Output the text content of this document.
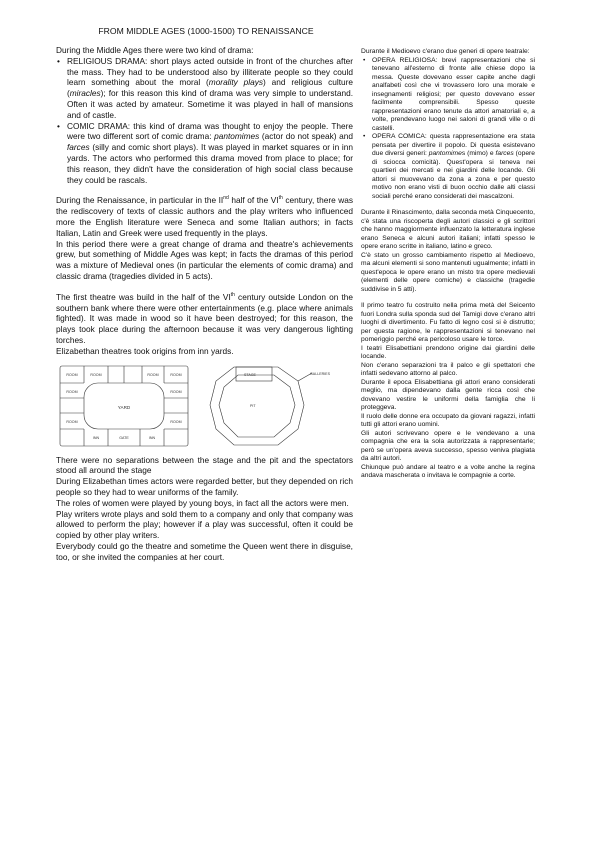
FROM MIDDLE AGES (1000-1500) TO RENAISSANCE

During the Middle Ages there were two kind of drama:

• RELIGIOUS DRAMA: short plays acted outside in front of the churches after the mass. They had to be understood also by illiterate people so they could learn something about the moral (morality plays) and religious culture (miracles); for this reason this kind of drama was very simple to understand. Often it was acted by amateur. Sometime it was played in hall of mansions and of castle.
• COMIC DRAMA: this kind of drama was thought to enjoy the people. There were two different sort of comic drama: pantomimes (actor do not speak) and farces (silly and comic short plays). It was played in market squares or in inn yards. The actors who performed this drama moved from place to place; for this reason, they didn't have the consideration of high social class because they could be rascals.

During the Renaissance, in particular in the IInd half of the VIth century, there was the rediscovery of texts of classic authors and the play writers who influenced more the English literature were Seneca and some Italian authors; in facts Italian, Latin and Greek were used frequently in the plays.

In this period there were a great change of drama and theatre's achievements grew, but something of Middle Ages was kept; in facts the dramas of this period was a mixture of Medieval ones (in particular the elements of comic drama) and classic drama (tragedies divided in 5 acts).

The first theatre was build in the half of the VIth century outside London on the southern bank where there were other entertainments (e.g. place where animals fighted). It was made in wood so it have been destroyed; for this reason, the plays took place during the afternoon because it was very dangerous lighting torches.

Elizabethan theatres took origins from inn yards.

ROOM	ROOM	ROOM	ROOM
ROOM	ROOM
ROOM	ROOM
INN	GATE	INN
YARD
STAGE
PIT
GALLERIES

There were no separations between the stage and the pit and the spectators stood all around the stage

During Elizabethan times actors were regarded better, but they depended on rich people so they had to wear uniforms of the family.

The roles of women were played by young boys, in fact all the actors were men.

Play writers wrote plays and sold them to a company and only that company was allowed to perform the play; however if a play was successful, often it could be copied by other play writers.

Everybody could go the theatre and sometime the Queen went there in disguise, too, or she invited the companies at her court.

Durante il Medioevo c'erano due generi di opere teatrale:

• OPERA RELIGIOSA: brevi rappresentazioni che si tenevano all'esterno di fronte alle chiese dopo la messa. Queste dovevano esser capite anche dagli analfabeti così che vi trovassero loro una morale e insegnamenti religiosi; per questo dovevano esser facilmente comprensibili. Spesso queste rappresentazioni erano tenute da attori amatoriali e, a volte, prendevano luogo nei saloni di grandi ville o di castelli.
• OPERA COMICA: questa rappresentazione era stata pensata per divertire il popolo. Di questa esistevano due diversi generi: pantomimes (mimo) e farces (opere di sciocca comicità). Quest'opera si teneva nei quartieri dei mercati e nei giardini delle locande. Gli attori si muovevano da zona a zona e per questo motivo non erano visti di buon occhio dalle alti classi sociali perché erano considerati dei mascalzoni.

Durante il Rinascimento, dalla seconda metà Cinquecento, c'è stata una riscoperta degli autori classici e gli scrittori che hanno maggiormente influenzato la letteratura inglese erano Seneca e alcuni autori italiani; infatti spesso le opere erano scritte in italiano, latino e greco.

C'è stato un grosso cambiamento rispetto al Medioevo, ma alcuni elementi si sono mantenuti ugualmente; infatti in quest'epoca le opere erano un misto tra opere medievali (elementi delle opere comiche) e classiche (tragedie suddivise in 5 atti).

Il primo teatro fu costruito nella prima metà del Seicento fuori Londra sulla sponda sud del Tamigi dove c'erano altri luoghi di divertimento. Fu fatto di legno così si è distrutto; per questa ragione, le rappresentazioni si tenevano nel pomeriggio perché era pericoloso usare le torce.

I teatri Elisabettiani prendono origine dai giardini delle locande.

Non c'erano separazioni tra il palco e gli spettatori che infatti sedevano attorno al palco.

Durante il epoca Elisabettiana gli attori erano considerati meglio, ma dipendevano dalla gente ricca così che dovevano vestire le uniformi della famiglia che li proteggeva.

Il ruolo delle donne era occupato da giovani ragazzi, infatti tutti gli attori erano uomini.

Gli autori scrivevano opere e le vendevano a una compagnia che era la sola autorizzata a rappresentarle; però se un'opera aveva successo, spesso veniva plagiata da altri autori.

Chiunque può andare al teatro e a volte anche la regina andava mascherata o invitava le compagnie a corte.
